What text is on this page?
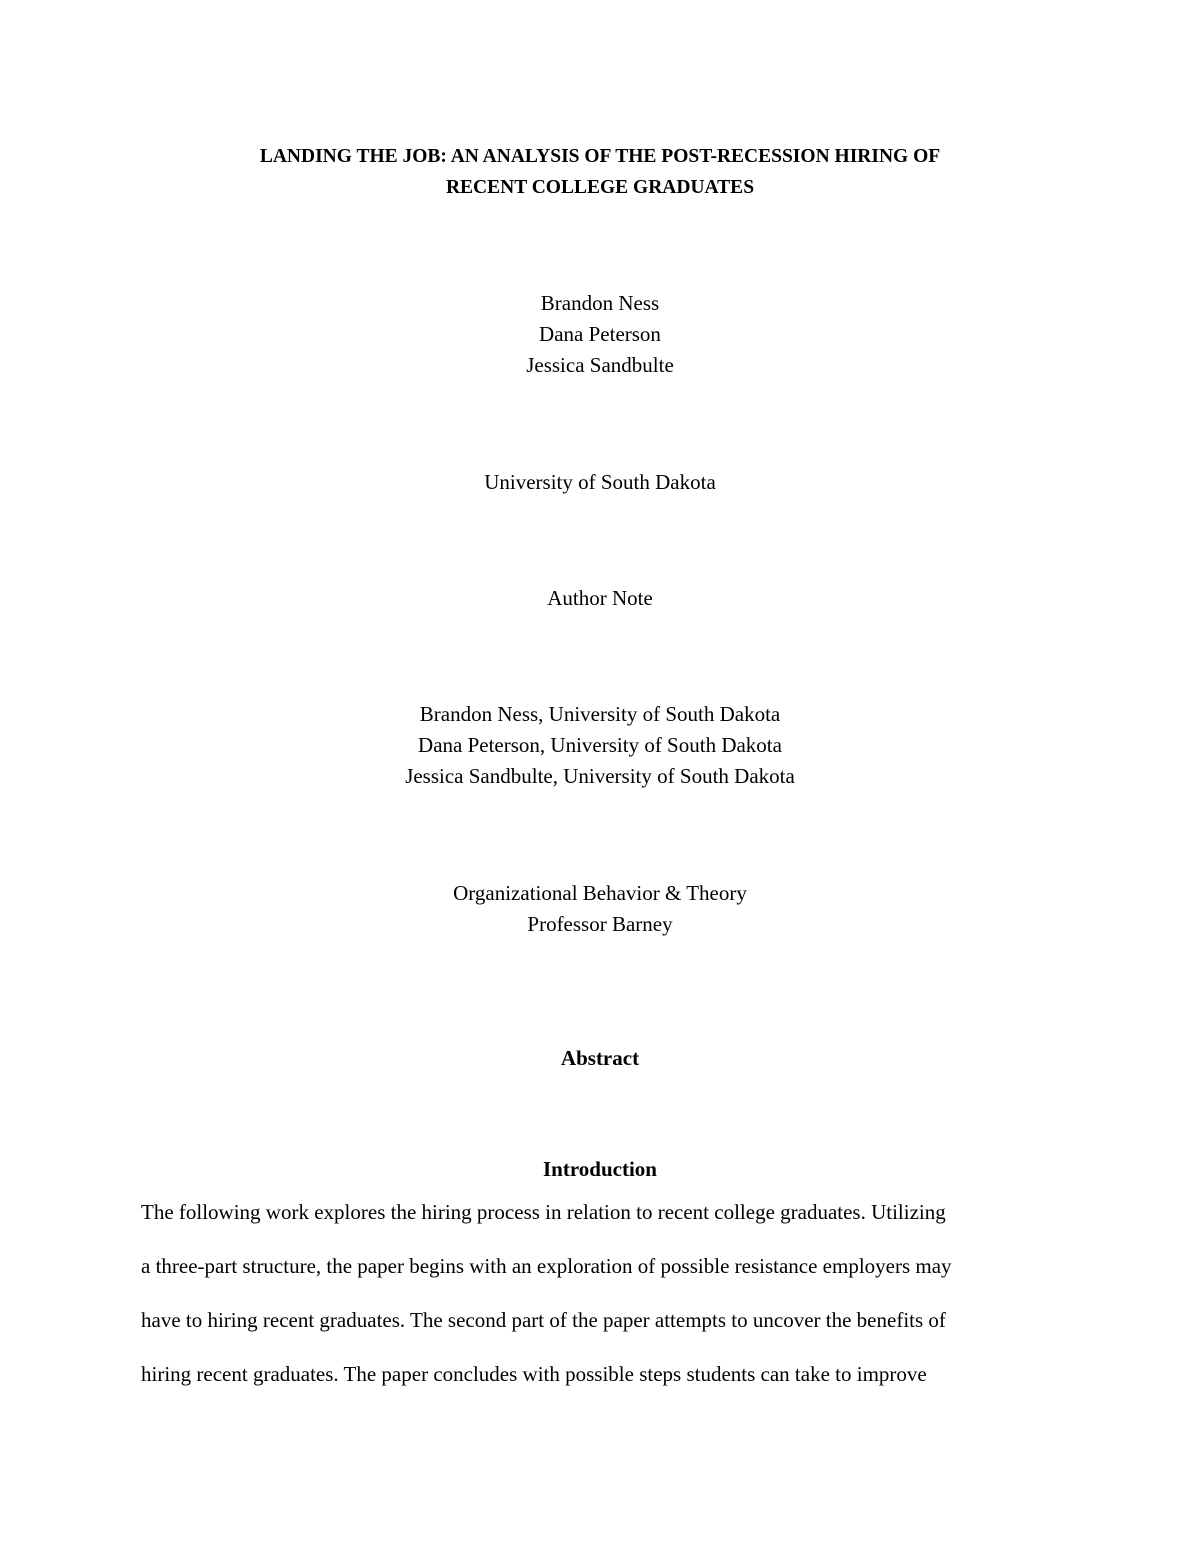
LANDING THE JOB: AN ANALYSIS OF THE POST-RECESSION HIRING OF
RECENT COLLEGE GRADUATES
Brandon Ness
Dana Peterson
Jessica Sandbulte
University of South Dakota
Author Note
Brandon Ness, University of South Dakota
Dana Peterson, University of South Dakota
Jessica Sandbulte, University of South Dakota
Organizational Behavior & Theory
Professor Barney
Abstract
Introduction
The following work explores the hiring process in relation to recent college graduates. Utilizing
a three-part structure, the paper begins with an exploration of possible resistance employers may
have to hiring recent graduates. The second part of the paper attempts to uncover the benefits of
hiring recent graduates. The paper concludes with possible steps students can take to improve
